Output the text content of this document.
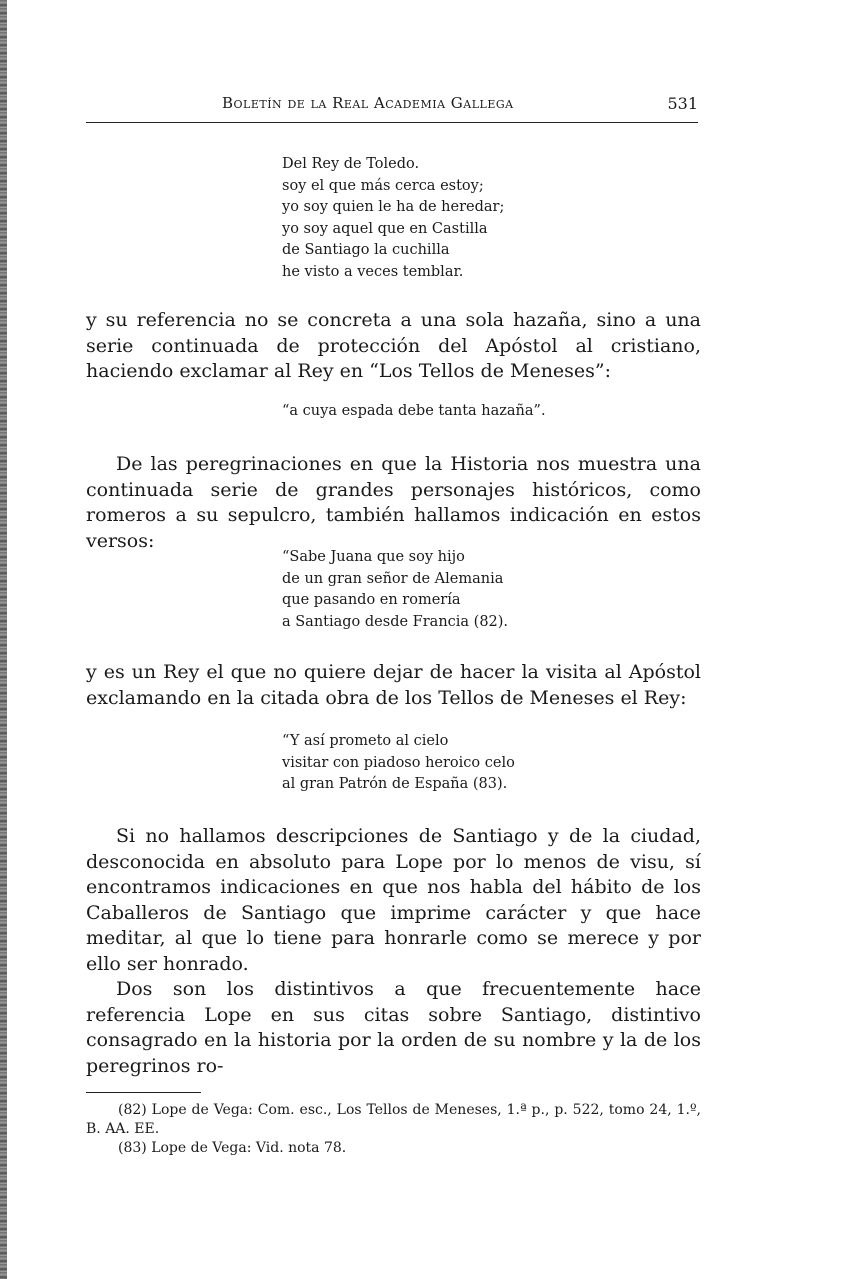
Boletín de la Real Academia Gallega	531
Del Rey de Toledo.
soy el que más cerca estoy;
yo soy quien le ha de heredar;
yo soy aquel que en Castilla
de Santiago la cuchilla
he visto a veces temblar.

y su referencia no se concreta a una sola hazaña, sino a una serie continuada de protección del Apóstol al cristiano, haciendo exclamar al Rey en “Los Tellos de Meneses”:

“a cuya espada debe tanta hazaña”.

De las peregrinaciones en que la Historia nos muestra una continuada serie de grandes personajes históricos, como romeros a su sepulcro, también hallamos indicación en estos versos:

“Sabe Juana que soy hijo
de un gran señor de Alemania
que pasando en romería
a Santiago desde Francia (82).

y es un Rey el que no quiere dejar de hacer la visita al Apóstol exclamando en la citada obra de los Tellos de Meneses el Rey:

“Y así prometo al cielo
visitar con piadoso heroico celo
al gran Patrón de España (83).

Si no hallamos descripciones de Santiago y de la ciudad, desconocida en absoluto para Lope por lo menos de visu, sí encontramos indicaciones en que nos habla del hábito de los Caballeros de Santiago que imprime carácter y que hace meditar, al que lo tiene para honrarle como se merece y por ello ser honrado.

Dos son los distintivos a que frecuentemente hace referencia Lope en sus citas sobre Santiago, distintivo consagrado en la historia por la orden de su nombre y la de los peregrinos ro-

(82) Lope de Vega: Com. esc., Los Tellos de Meneses, 1.ª p., p. 522, tomo 24, 1.º, B. AA. EE.

(83) Lope de Vega: Vid. nota 78.
